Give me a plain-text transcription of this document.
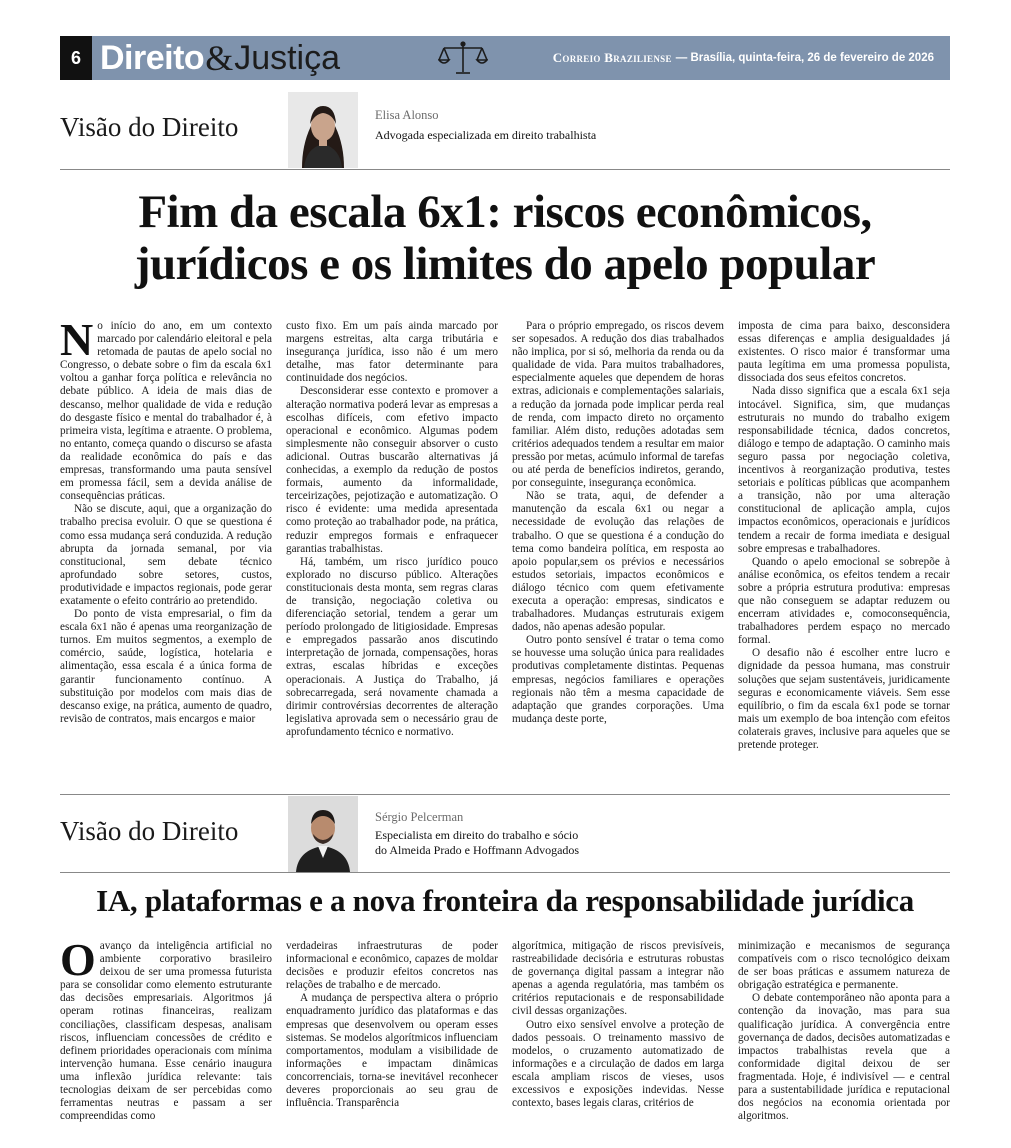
6 Direito & Justiça	Correio Braziliense — Brasília, quinta-feira, 26 de fevereiro de 2026
Visão do Direito	Elisa Alonso
Advogada especializada em direito trabalhista
Fim da escala 6x1: riscos econômicos,
jurídicos e os limites do apelo popular
N o início do ano, em um contexto marcado por calendário eleitoral e pela retomada de pautas de apelo social no Congresso, o debate sobre o fim da escala 6x1 voltou a ganhar força política e relevância no debate público. A ideia de mais dias de descanso, melhor qualidade de vida e redução do desgaste físico e mental do trabalhador é, à primeira vista, legítima e atraente. O problema, no entanto, começa quando o discurso se afasta da realidade econômica do país e das empresas, transformando uma pauta sensível em promessa fácil, sem a devida análise de consequências práticas.

Não se discute, aqui, que a organização do trabalho precisa evoluir. O que se questiona é como essa mudança será conduzida. A redução abrupta da jornada semanal, por via constitucional, sem debate técnico aprofundado sobre setores, custos, produtividade e impactos regionais, pode gerar exatamente o efeito contrário ao pretendido.

Do ponto de vista empresarial, o fim da escala 6x1 não é apenas uma reorganização de turnos. Em muitos segmentos, a exemplo de comércio, saúde, logística, hotelaria e alimentação, essa escala é a única forma de garantir funcionamento contínuo. A substituição por modelos com mais dias de descanso exige, na prática, aumento de quadro, revisão de contratos, mais encargos e maior

custo fixo. Em um país ainda marcado por margens estreitas, alta carga tributária e insegurança jurídica, isso não é um mero detalhe, mas fator determinante para continuidade dos negócios.

Desconsiderar esse contexto e promover a alteração normativa poderá levar as empresas a escolhas difíceis, com efetivo impacto operacional e econômico. Algumas podem simplesmente não conseguir absorver o custo adicional. Outras buscarão alternativas já conhecidas, a exemplo da redução de postos formais, aumento da informalidade, terceirizações, pejotização e automatização. O risco é evidente: uma medida apresentada como proteção ao trabalhador pode, na prática, reduzir empregos formais e enfraquecer garantias trabalhistas.

Há, também, um risco jurídico pouco explorado no discurso público. Alterações constitucionais desta monta, sem regras claras de transição, negociação coletiva ou diferenciação setorial, tendem a gerar um período prolongado de litigiosidade. Empresas e empregados passarão anos discutindo interpretação de jornada, compensações, horas extras, escalas híbridas e exceções operacionais. A Justiça do Trabalho, já sobrecarregada, será novamente chamada a dirimir controvérsias decorrentes de alteração legislativa aprovada sem o necessário grau de aprofundamento técnico e normativo.

Para o próprio empregado, os riscos devem ser sopesados. A redução dos dias trabalhados não implica, por si só, melhoria da renda ou da qualidade de vida. Para muitos trabalhadores, especialmente aqueles que dependem de horas extras, adicionais e complementações salariais, a redução da jornada pode implicar perda real de renda, com impacto direto no orçamento familiar. Além disto, reduções adotadas sem critérios adequados tendem a resultar em maior pressão por metas, acúmulo informal de tarefas ou até perda de benefícios indiretos, gerando, por conseguinte, insegurança econômica.

Não se trata, aqui, de defender a manutenção da escala 6x1 ou negar a necessidade de evolução das relações de trabalho. O que se questiona é a condução do tema como bandeira política, em resposta ao apoio popular,sem os prévios e necessários estudos setoriais, impactos econômicos e diálogo técnico com quem efetivamente executa a operação: empresas, sindicatos e trabalhadores. Mudanças estruturais exigem dados, não apenas adesão popular.

Outro ponto sensível é tratar o tema como se houvesse uma solução única para realidades produtivas completamente distintas. Pequenas empresas, negócios familiares e operações regionais não têm a mesma capacidade de adaptação que grandes corporações. Uma mudança deste porte,

imposta de cima para baixo, desconsidera essas diferenças e amplia desigualdades já existentes. O risco maior é transformar uma pauta legítima em uma promessa populista, dissociada dos seus efeitos concretos.

Nada disso significa que a escala 6x1 seja intocável. Significa, sim, que mudanças estruturais no mundo do trabalho exigem responsabilidade técnica, dados concretos, diálogo e tempo de adaptação. O caminho mais seguro passa por negociação coletiva, incentivos à reorganização produtiva, testes setoriais e políticas públicas que acompanhem a transição, não por uma alteração constitucional de aplicação ampla, cujos impactos econômicos, operacionais e jurídicos tendem a recair de forma imediata e desigual sobre empresas e trabalhadores.

Quando o apelo emocional se sobrepõe à análise econômica, os efeitos tendem a recair sobre a própria estrutura produtiva: empresas que não conseguem se adaptar reduzem ou encerram atividades e, comoconsequência, trabalhadores perdem espaço no mercado formal.

O desafio não é escolher entre lucro e dignidade da pessoa humana, mas construir soluções que sejam sustentáveis, juridicamente seguras e economicamente viáveis. Sem esse equilíbrio, o fim da escala 6x1 pode se tornar mais um exemplo de boa intenção com efeitos colaterais graves, inclusive para aqueles que se pretende proteger.

Visão do Direito	Sérgio Pelcerman
Especialista em direito do trabalho e sócio
do Almeida Prado e Hoffmann Advogados
IA, plataformas e a nova fronteira da responsabilidade jurídica
O avanço da inteligência artificial no ambiente corporativo brasileiro deixou de ser uma promessa futurista para se consolidar como elemento estruturante das decisões empresariais. Algoritmos já operam rotinas financeiras, realizam conciliações, classificam despesas, analisam riscos, influenciam concessões de crédito e definem prioridades operacionais com mínima intervenção humana. Esse cenário inaugura uma inflexão jurídica relevante: tais tecnologias deixam de ser percebidas como ferramentas neutras e passam a ser compreendidas como

verdadeiras infraestruturas de poder informacional e econômico, capazes de moldar decisões e produzir efeitos concretos nas relações de trabalho e de mercado.

A mudança de perspectiva altera o próprio enquadramento jurídico das plataformas e das empresas que desenvolvem ou operam esses sistemas. Se modelos algorítmicos influenciam comportamentos, modulam a visibilidade de informações e impactam dinâmicas concorrenciais, torna-se inevitável reconhecer deveres proporcionais ao seu grau de influência. Transparência

algorítmica, mitigação de riscos previsíveis, rastreabilidade decisória e estruturas robustas de governança digital passam a integrar não apenas a agenda regulatória, mas também os critérios reputacionais e de responsabilidade civil dessas organizações.

Outro eixo sensível envolve a proteção de dados pessoais. O treinamento massivo de modelos, o cruzamento automatizado de informações e a circulação de dados em larga escala ampliam riscos de vieses, usos excessivos e exposições indevidas. Nesse contexto, bases legais claras, critérios de

minimização e mecanismos de segurança compatíveis com o risco tecnológico deixam de ser boas práticas e assumem natureza de obrigação estratégica e permanente.

O debate contemporâneo não aponta para a contenção da inovação, mas para sua qualificação jurídica. A convergência entre governança de dados, decisões automatizadas e impactos trabalhistas revela que a conformidade digital deixou de ser fragmentada. Hoje, é indivisível — e central para a sustentabilidade jurídica e reputacional dos negócios na economia orientada por algoritmos.
